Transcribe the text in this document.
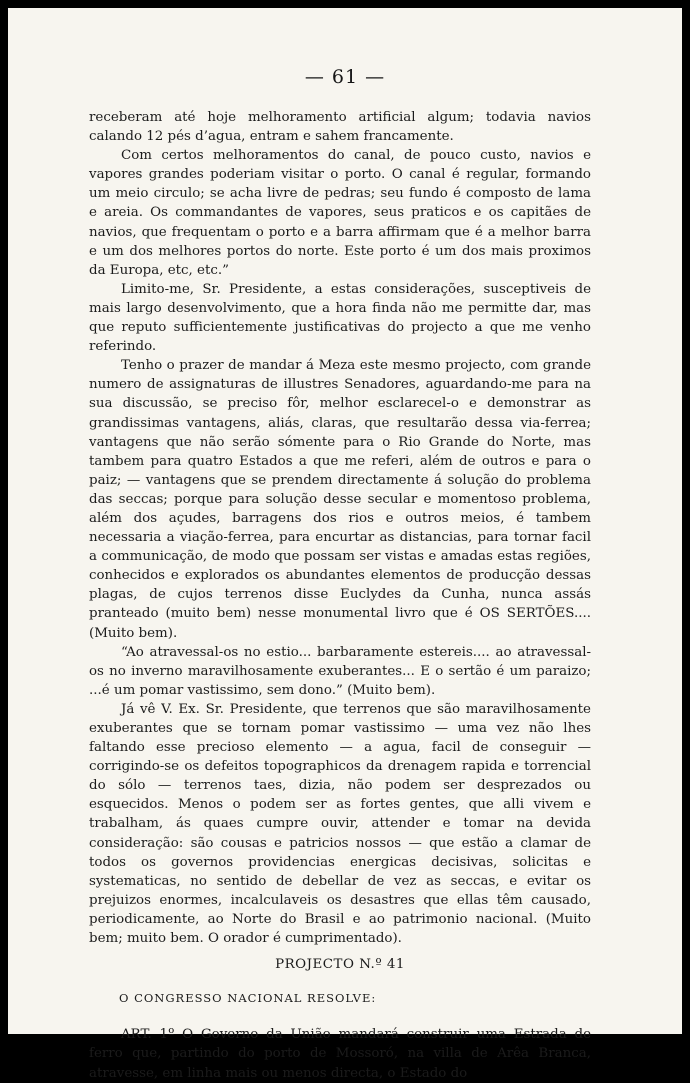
— 61 —

receberam até hoje melhoramento artificial algum; todavia navios calando 12 pés d’agua, entram e sahem francamente.

Com certos melhoramentos do canal, de pouco custo, navios e vapores grandes poderiam visitar o porto. O canal é regular, formando um meio circulo; se acha livre de pedras; seu fundo é composto de lama e areia. Os commandantes de vapores, seus praticos e os capitães de navios, que frequentam o porto e a barra affirmam que é a melhor barra e um dos melhores portos do norte. Este porto é um dos mais proximos da Europa, etc, etc.”

Limito-me, Sr. Presidente, a estas considerações, susceptiveis de mais largo desenvolvimento, que a hora finda não me permitte dar, mas que reputo sufficientemente justificativas do projecto a que me venho referindo.

Tenho o prazer de mandar á Meza este mesmo projecto, com grande numero de assignaturas de illustres Senadores, aguardando-me para na sua discussão, se preciso fôr, melhor esclarecel-o e demonstrar as grandissimas vantagens, aliás, claras, que resultarão dessa via-ferrea; vantagens que não serão sómente para o Rio Grande do Norte, mas tambem para quatro Estados a que me referi, além de outros e para o paiz; — vantagens que se prendem directamente á solução do problema das seccas; porque para solução desse secular e momentoso problema, além dos açudes, barragens dos rios e outros meios, é tambem necessaria a viação-ferrea, para encurtar as distancias, para tornar facil a communicação, de modo que possam ser vistas e amadas estas regiões, conhecidos e explorados os abundantes elementos de producção dessas plagas, de cujos terrenos disse Euclydes da Cunha, nunca assás pranteado (muito bem) nesse monumental livro que é OS SERTÕES.... (Muito bem).

“Ao atravessal-os no estio... barbaramente estereis.... ao atravessal-os no inverno maravilhosamente exuberantes... E o sertão é um paraizo; ...é um pomar vastissimo, sem dono.” (Muito bem).

Já vê V. Ex. Sr. Presidente, que terrenos que são maravilhosamente exuberantes que se tornam pomar vastissimo — uma vez não lhes faltando esse precioso elemento — a agua, facil de conseguir — corrigindo-se os defeitos topographicos da drenagem rapida e torrencial do sólo — terrenos taes, dizia, não podem ser desprezados ou esquecidos. Menos o podem ser as fortes gentes, que alli vivem e trabalham, ás quaes cumpre ouvir, attender e tomar na devida consideração: são cousas e patricios nossos — que estão a clamar de todos os governos providencias energicas decisivas, solicitas e systematicas, no sentido de debellar de vez as seccas, e evitar os prejuizos enormes, incalculaveis os desastres que ellas têm causado, periodicamente, ao Norte do Brasil e ao patrimonio nacional. (Muito bem; muito bem. O orador é cumprimentado).

PROJECTO N.º 41

O CONGRESSO NACIONAL RESOLVE:

ART. 1º O Governo da União mandará construir uma Estrada de ferro que, partindo do porto de Mossoró, na villa de Arêa Branca, atravesse, em linha mais ou menos directa, o Estado do
